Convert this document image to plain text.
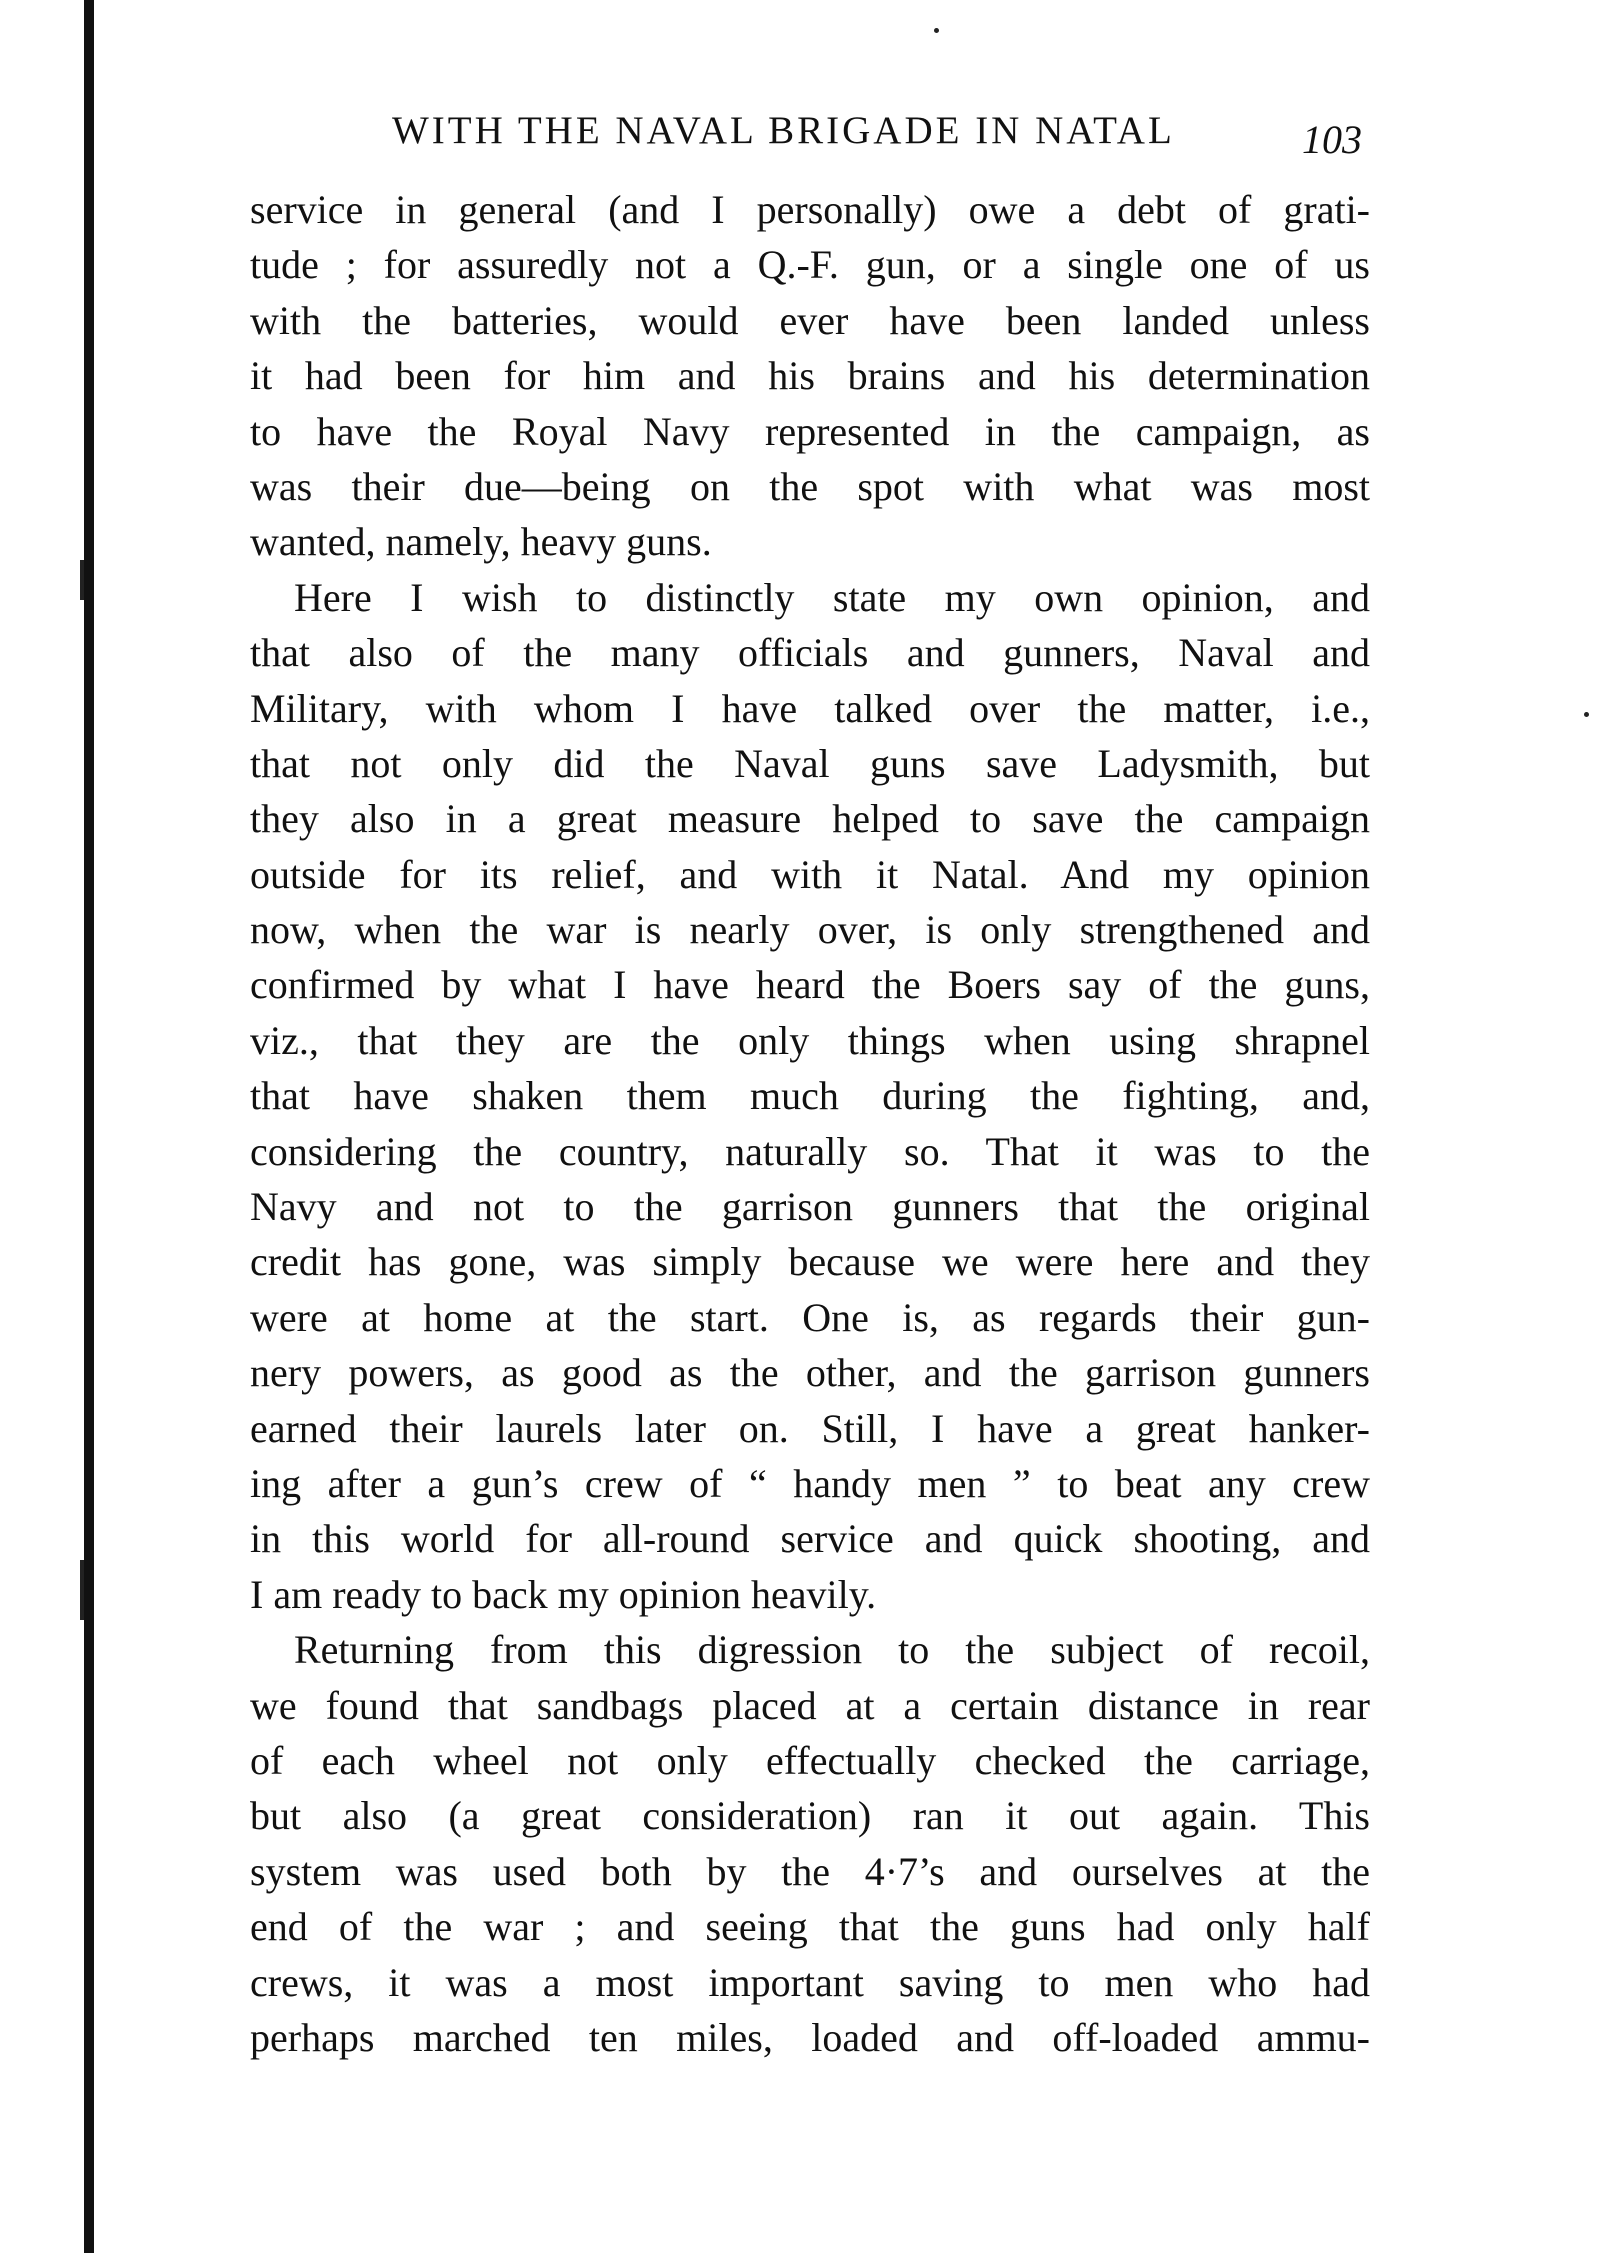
WITH THE NAVAL BRIGADE IN NATAL	103
service in general (and I personally) owe a debt of grati-
tude ; for assuredly not a Q.-F. gun, or a single one of us
with the batteries, would ever have been landed unless
it had been for him and his brains and his determination
to have the Royal Navy represented in the campaign, as
was their due—being on the spot with what was most
wanted, namely, heavy guns.
Here I wish to distinctly state my own opinion, and
that also of the many officials and gunners, Naval and
Military, with whom I have talked over the matter, i.e.,
that not only did the Naval guns save Ladysmith, but
they also in a great measure helped to save the campaign
outside for its relief, and with it Natal. And my opinion
now, when the war is nearly over, is only strengthened and
confirmed by what I have heard the Boers say of the guns,
viz., that they are the only things when using shrapnel
that have shaken them much during the fighting, and,
considering the country, naturally so. That it was to the
Navy and not to the garrison gunners that the original
credit has gone, was simply because we were here and they
were at home at the start. One is, as regards their gun-
nery powers, as good as the other, and the garrison gunners
earned their laurels later on. Still, I have a great hanker-
ing after a gun’s crew of “ handy men ” to beat any crew
in this world for all-round service and quick shooting, and
I am ready to back my opinion heavily.
Returning from this digression to the subject of recoil,
we found that sandbags placed at a certain distance in rear
of each wheel not only effectually checked the carriage,
but also (a great consideration) ran it out again. This
system was used both by the 4·7’s and ourselves at the
end of the war ; and seeing that the guns had only half
crews, it was a most important saving to men who had
perhaps marched ten miles, loaded and off-loaded ammu-
